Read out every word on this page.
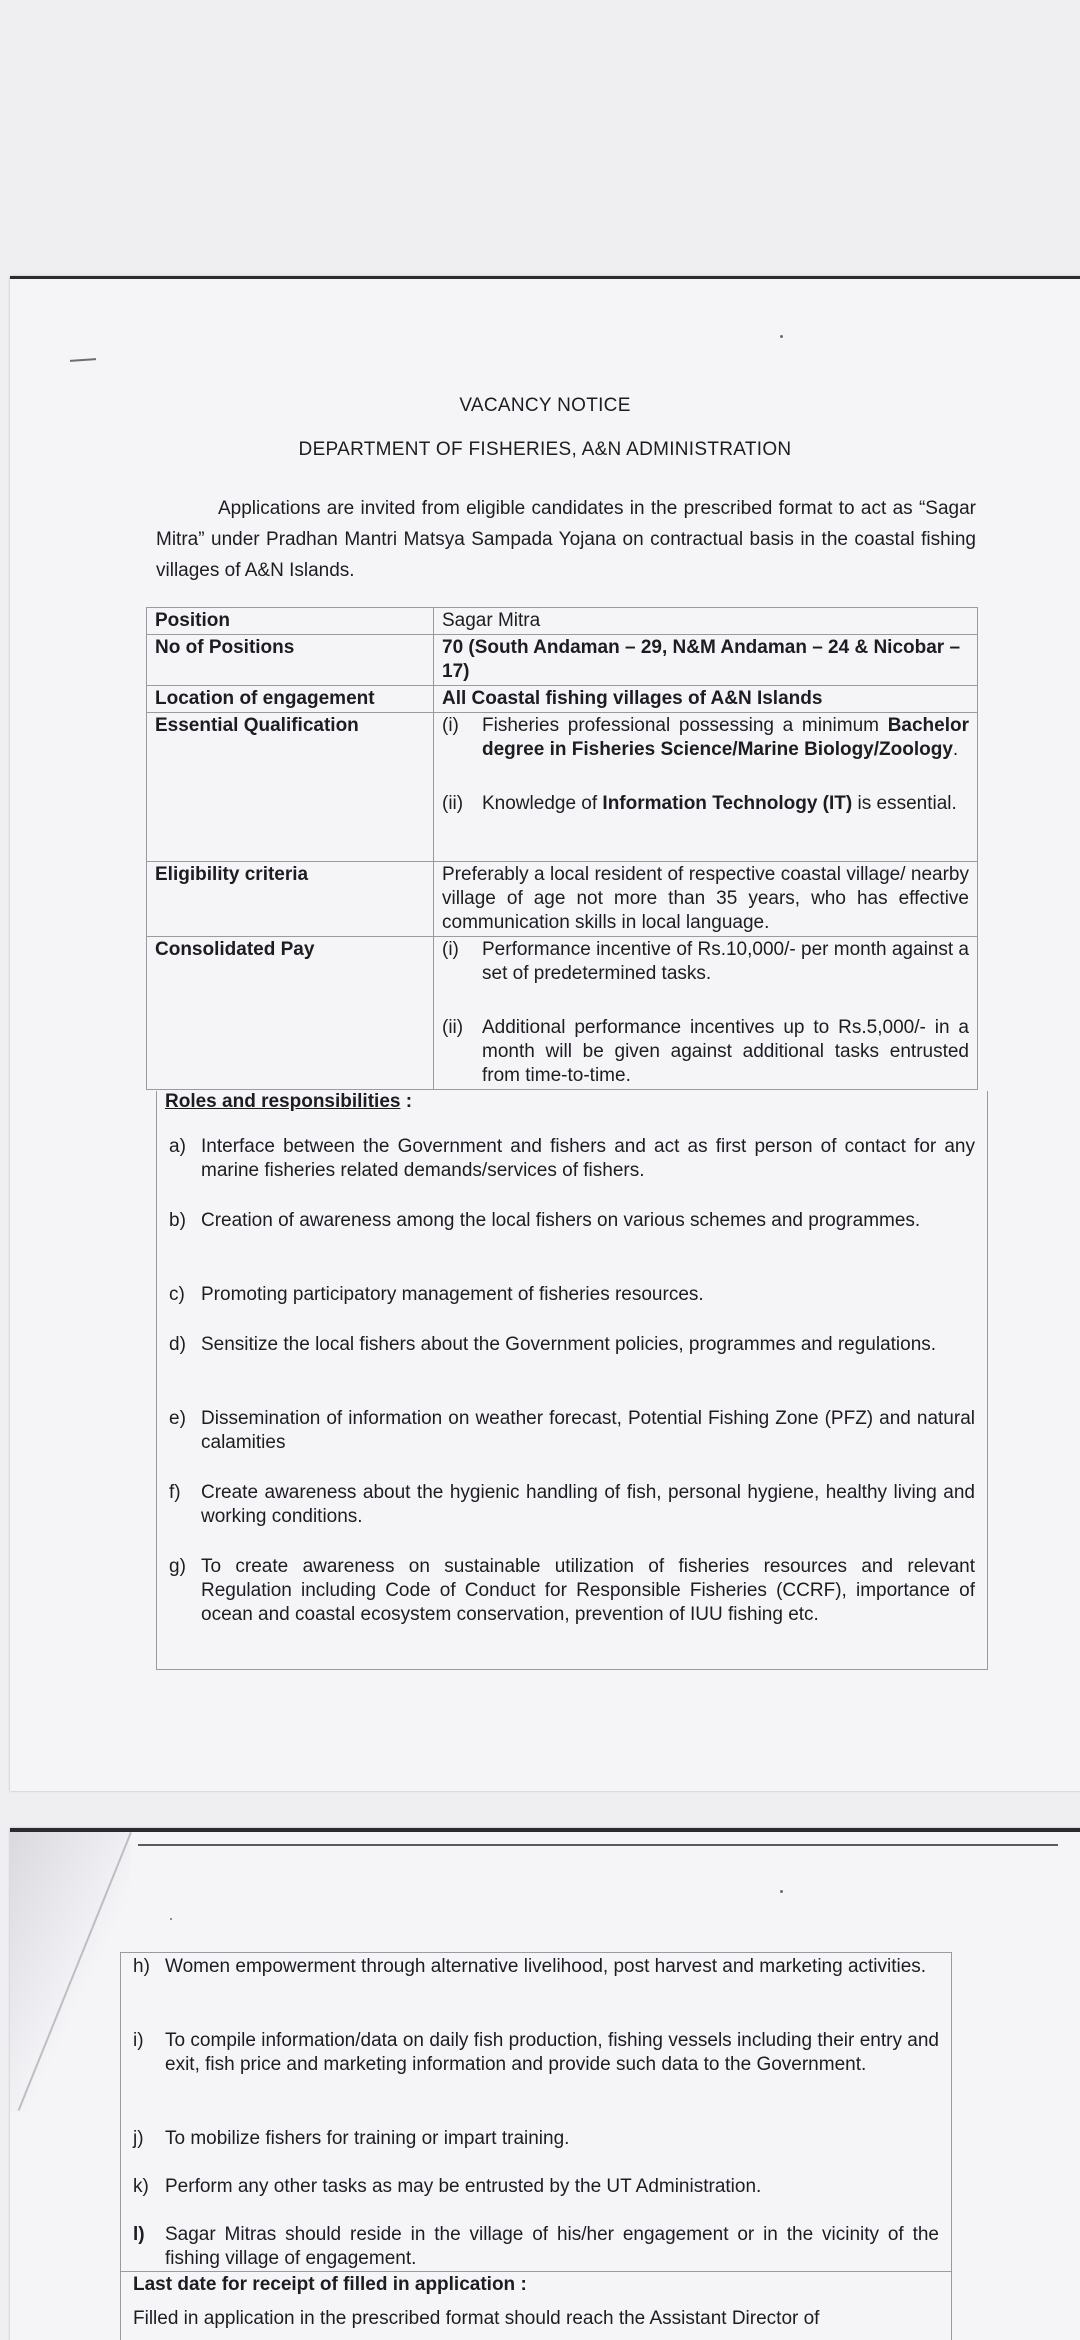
VACANCY NOTICE
DEPARTMENT OF FISHERIES, A&N ADMINISTRATION
Applications are invited from eligible candidates in the prescribed format to act as “Sagar Mitra” under Pradhan Mantri Matsya Sampada Yojana on contractual basis in the coastal fishing villages of A&N Islands.
Position	Sagar Mitra
No of Positions	70 (South Andaman – 29, N&M Andaman – 24 & Nicobar – 17)
Location of engagement	All Coastal fishing villages of A&N Islands
Essential Qualification	(i) Fisheries professional possessing a minimum Bachelor degree in Fisheries Science/Marine Biology/Zoology.
(ii) Knowledge of Information Technology (IT) is essential.

Eligibility criteria	Preferably a local resident of respective coastal village/ nearby village of age not more than 35 years, who has effective communication skills in local language.
Consolidated Pay	(i) Performance incentive of Rs.10,000/- per month against a set of predetermined tasks.
(ii) Additional performance incentives up to Rs.5,000/- in a month will be given against additional tasks entrusted from time-to-time.
Roles and responsibilities :
a) Interface between the Government and fishers and act as first person of contact for any marine fisheries related demands/services of fishers.
b) Creation of awareness among the local fishers on various schemes and programmes.
c) Promoting participatory management of fisheries resources.
d) Sensitize the local fishers about the Government policies, programmes and regulations.
e) Dissemination of information on weather forecast, Potential Fishing Zone (PFZ) and natural calamities
f)	Create awareness about the hygienic handling of fish, personal hygiene, healthy living and working conditions.
g) To create awareness on sustainable utilization of fisheries resources and relevant Regulation including Code of Conduct for Responsible Fisheries (CCRF), importance of ocean and coastal ecosystem conservation, prevention of IUU fishing etc.
h) Women empowerment through alternative livelihood, post harvest and marketing activities.
i)	To compile information/data on daily fish production, fishing vessels including their entry and exit, fish price and marketing information and provide such data to the Government.
j)	To mobilize fishers for training or impart training.
k) Perform any other tasks as may be entrusted by the UT Administration.
l)	Sagar Mitras should reside in the village of his/her engagement or in the vicinity of the fishing village of engagement.
Last date for receipt of filled in application :
Filled in application in the prescribed format should reach the Assistant Director of
